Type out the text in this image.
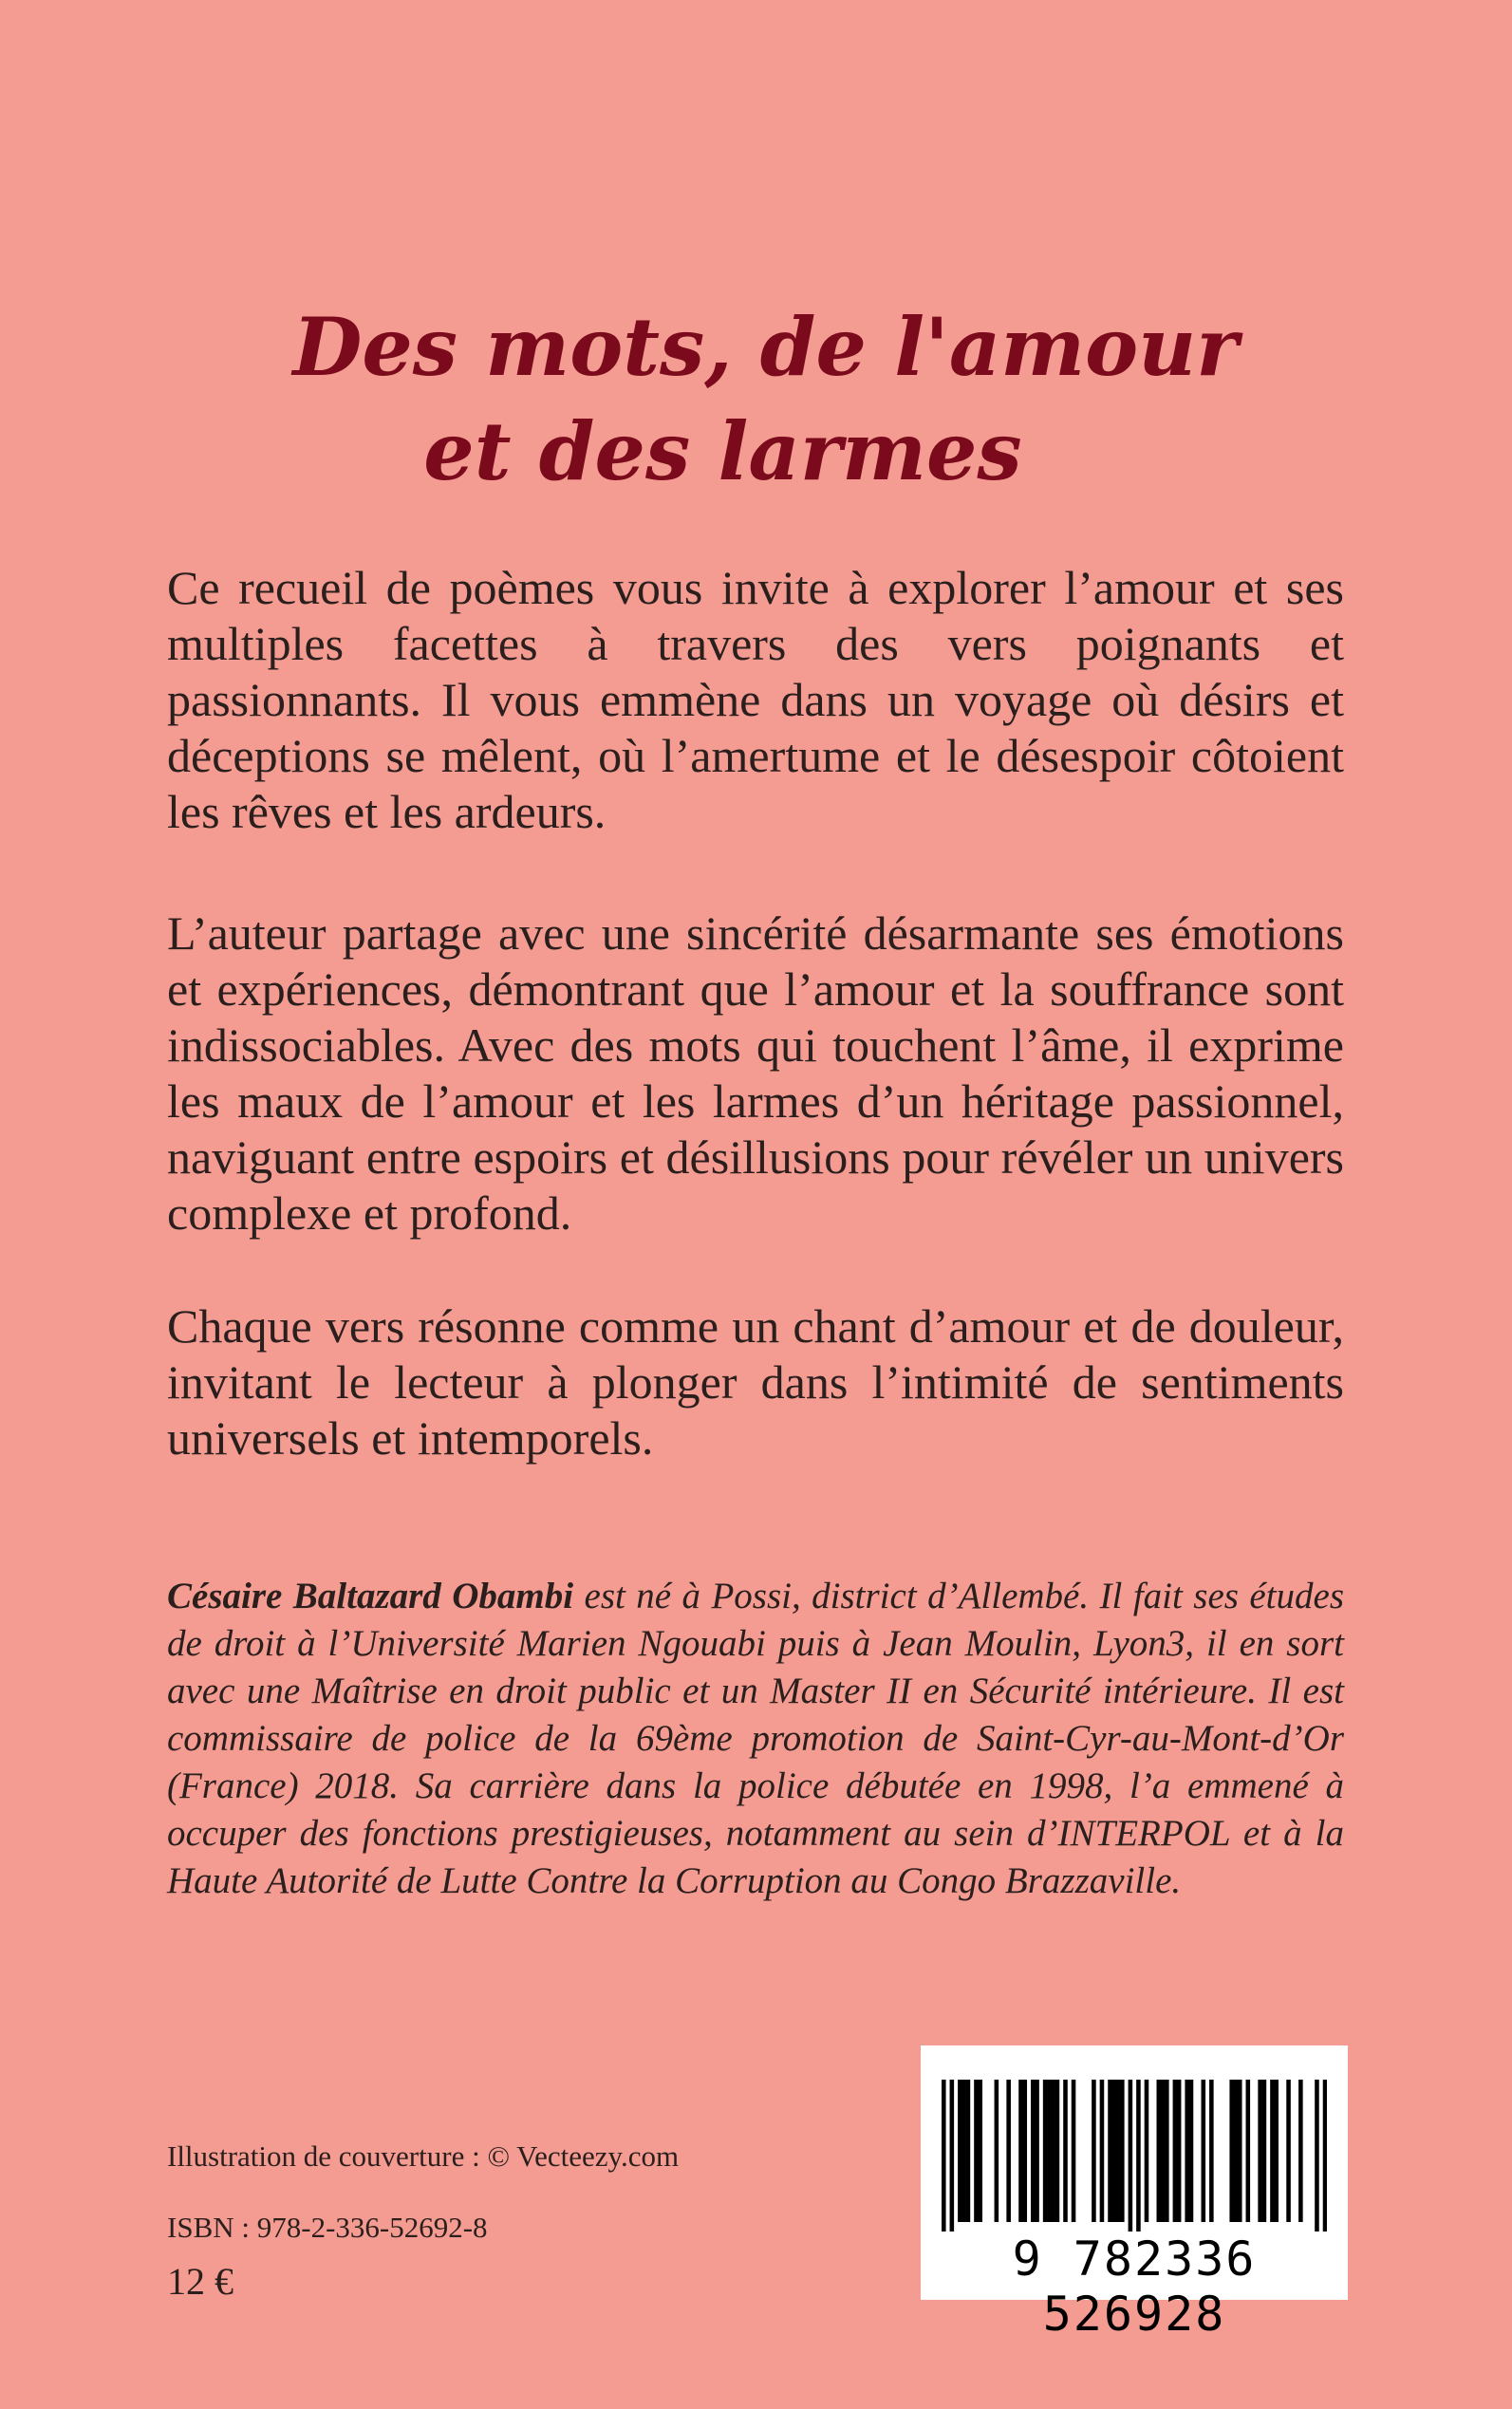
Des mots, de l'amour
et des larmes

Ce recueil de poèmes vous invite à explorer l’amour et ses multiples facettes à travers des vers poignants et passionnants. Il vous emmène dans un voyage où désirs et déceptions se mêlent, où l’amertume et le désespoir côtoient les rêves et les ardeurs.

L’auteur partage avec une sincérité désarmante ses émotions et expériences, démontrant que l’amour et la souffrance sont indissociables. Avec des mots qui touchent l’âme, il exprime les maux de l’amour et les larmes d’un héritage passionnel, naviguant entre espoirs et désillusions pour révéler un univers complexe et profond.

Chaque vers résonne comme un chant d’amour et de douleur, invitant le lecteur à plonger dans l’intimité de sentiments universels et intemporels.

Césaire Baltazard Obambi est né à Possi, district d’Allembé. Il fait ses études de droit à l’Université Marien Ngouabi puis à Jean Moulin, Lyon3, il en sort avec une Maîtrise en droit public et un Master II en Sécurité intérieure. Il est commissaire de police de la 69ème promotion de Saint-Cyr-au-Mont-d’Or (France) 2018. Sa carrière dans la police débutée en 1998, l’a emmené à occuper des fonctions prestigieuses, notamment au sein d’INTERPOL et à la Haute Autorité de Lutte Contre la Corruption au Congo Brazzaville.

Illustration de couverture : © Vecteezy.com
ISBN : 978-2-336-52692-8
12 €	9 782336 526928
